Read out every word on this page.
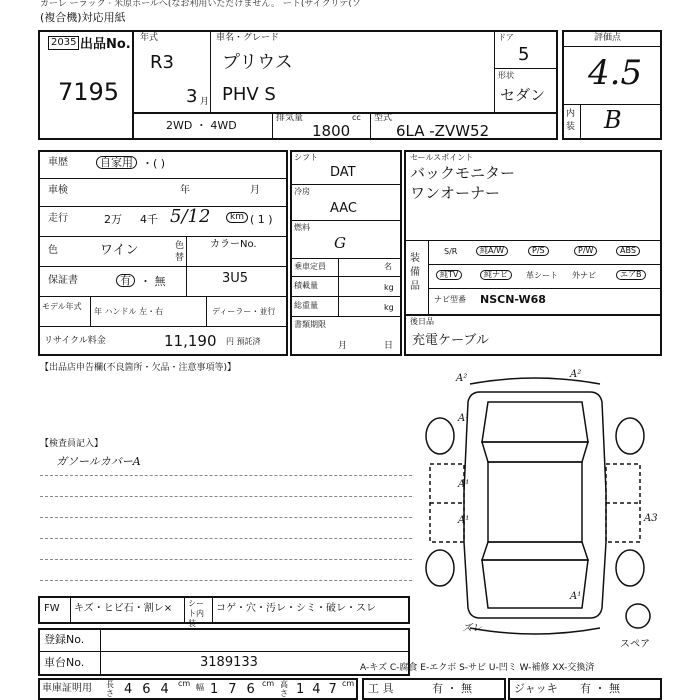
カーレ ーラック · 米原ホールへ(なお利用いただけません。 ート(サイクリテ(ソ
(複合機)対応用紙
2035 出品No.
7195
年式
R3
3 月
車名・グレード
プリウス
PHV S
ドア
5
形状
セダン
2WD ・ 4WD
排気量	cc
1800
型式
6LA -ZVW52
評価点
4.5
内装 B
車歴	自家用 ・( )
車検	年	月
走行	2万 4千 5/12	km ( 1 )
色	ワイン	色替
カラーNo.
3U5
保証書	有 ・ 無
モデル年式
年 ハンドル 左・右	ディーラー・並行
リサイクル料金	11,190 円 預託済
シフト
DAT
冷房
AAC
燃料
G
乗車定員	名
積載量	kg
総重量	kg
書類期限
月	日
セールスポイント
バックモニター
ワンオーナー
装備品
S/R	純A/W	P/S	P/W	ABS
純TV	純ナビ	革シート 外ナビ	エアB
ナビ型番 NSCN-W68
後日品
充電ケーブル
【出品店申告欄(不良箇所・欠品・注意事項等)】
【検査員記入】
ガソールカバーA
A²	A²
A¹
A¹
A¹	A3
A¹
ズレ
スペア
FW キズ・ヒビ石・割レ× シート内装
コゲ・穴・汚レ・シミ・破レ・スレ
登録No.
車台No.	3189133	A-キズ C-腐食 E-エクボ S-サビ U-凹ミ W-補修 XX-交換済
車庫証明用 長さ 464 cm 幅 176
cm 高さ 147
cm 工 具	有 ・ 無	ジャッキ 有 ・ 無
